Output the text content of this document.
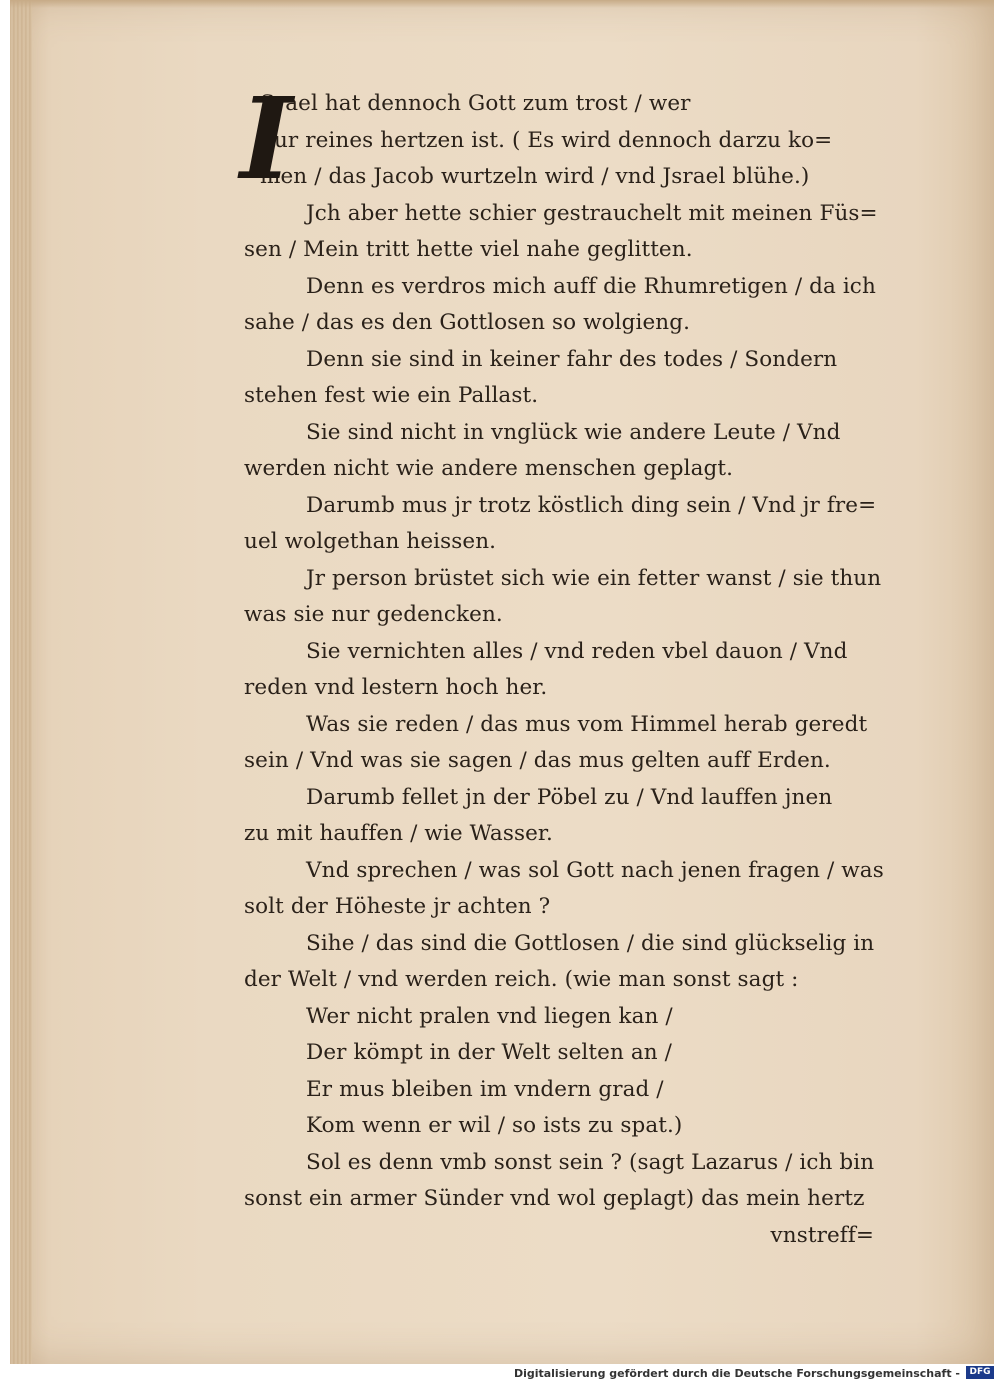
I
Srael hat dennoch Gott zum trost / wer
nur reines hertzen ist. ( Es wird dennoch darzu ko=
men / das Jacob wurtzeln wird / vnd Jsrael blühe.)
Jch aber hette schier gestrauchelt mit meinen Füs=
sen / Mein tritt hette viel nahe geglitten.
Denn es verdros mich auff die Rhumretigen / da ich
sahe / das es den Gottlosen so wolgieng.
Denn sie sind in keiner fahr des todes / Sondern
stehen fest wie ein Pallast.
Sie sind nicht in vnglück wie andere Leute / Vnd
werden nicht wie andere menschen geplagt.
Darumb mus jr trotz köstlich ding sein / Vnd jr fre=
uel wolgethan heissen.
Jr person brüstet sich wie ein fetter wanst / sie thun
was sie nur gedencken.
Sie vernichten alles / vnd reden vbel dauon / Vnd
reden vnd lestern hoch her.
Was sie reden / das mus vom Himmel herab geredt
sein / Vnd was sie sagen / das mus gelten auff Erden.
Darumb fellet jn der Pöbel zu / Vnd lauffen jnen
zu mit hauffen / wie Wasser.
Vnd sprechen / was sol Gott nach jenen fragen / was
solt der Höheste jr achten ?
Sihe / das sind die Gottlosen / die sind glückselig in
der Welt / vnd werden reich. (wie man sonst sagt :
Wer nicht pralen vnd liegen kan /
Der kömpt in der Welt selten an /
Er mus bleiben im vndern grad /
Kom wenn er wil / so ists zu spat.)
Sol es denn vmb sonst sein ? (sagt Lazarus / ich bin
sonst ein armer Sünder vnd wol geplagt) das mein hertz
vnstreff=
Digitalisierung gefördert durch die Deutsche Forschungsgemeinschaft -	DFG
